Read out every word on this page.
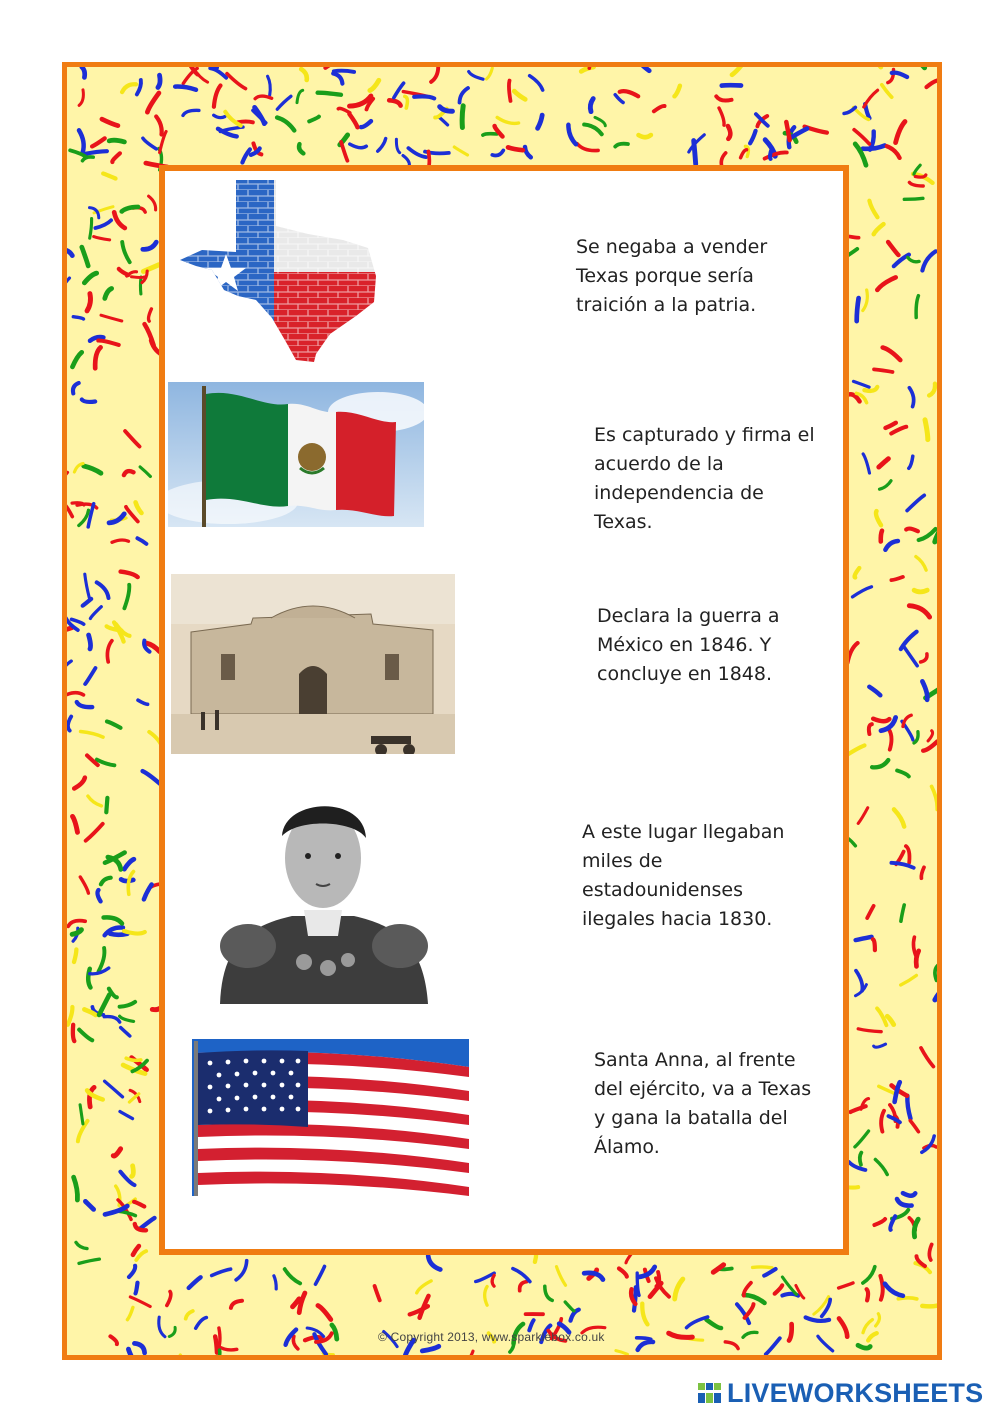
Se negaba a vender Texas porque sería traición a la patria.

Es capturado y firma el acuerdo de la independencia de Texas.

Declara la guerra a México en 1846. Y concluye en 1848.

A este lugar llegaban miles de estadounidenses ilegales hacia 1830.

Santa Anna, al frente del ejército, va a Texas y gana la batalla del Álamo.

© Copyright 2013, www.sparklebox.co.uk
LIVEWORKSHEETS
